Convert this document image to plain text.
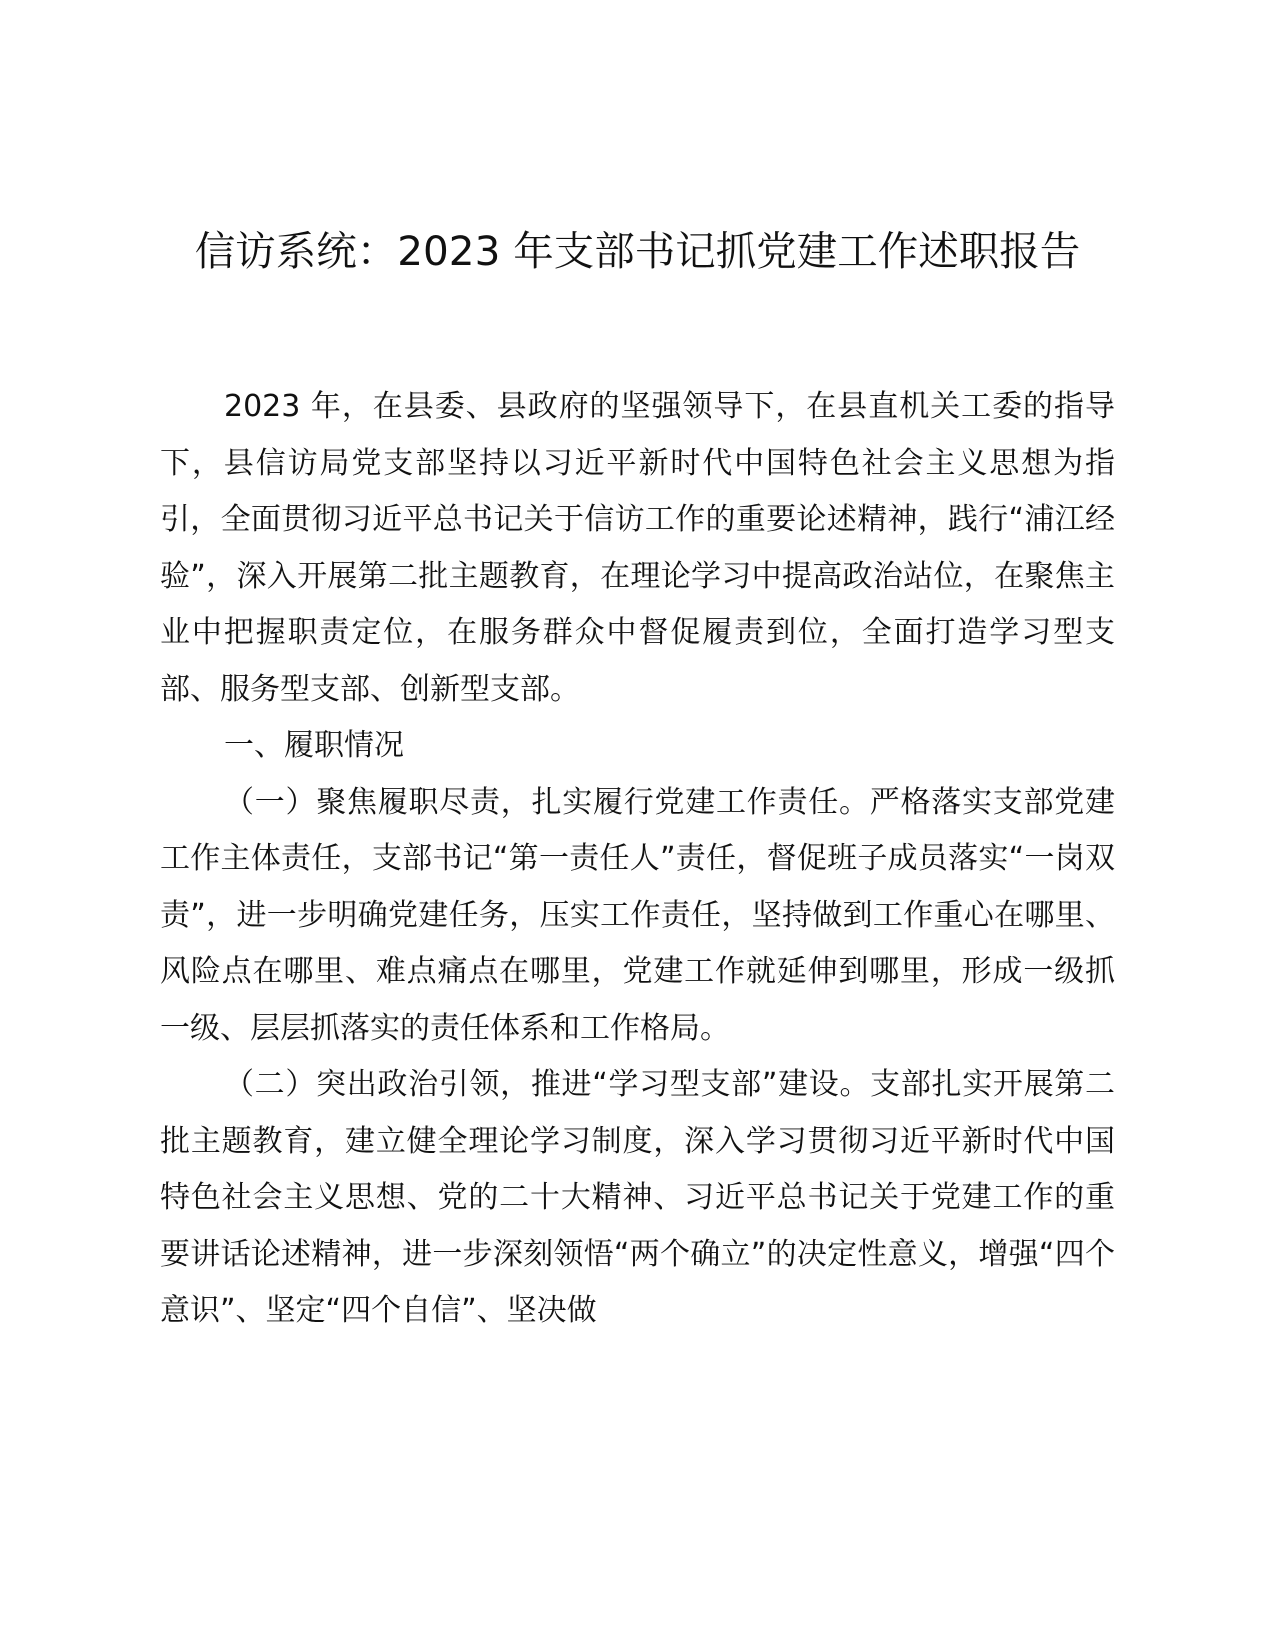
信访系统：2023 年支部书记抓党建工作述职报告

2023 年，在县委、县政府的坚强领导下，在县直机关工委的指导下，县信访局党支部坚持以习近平新时代中国特色社会主义思想为指引，全面贯彻习近平总书记关于信访工作的重要论述精神，践行“浦江经验”，深入开展第二批主题教育，在理论学习中提高政治站位，在聚焦主业中把握职责定位，在服务群众中督促履责到位，全面打造学习型支部、服务型支部、创新型支部。

一、履职情况

（一）聚焦履职尽责，扎实履行党建工作责任。严格落实支部党建工作主体责任，支部书记“第一责任人”责任，督促班子成员落实“一岗双责”，进一步明确党建任务，压实工作责任，坚持做到工作重心在哪里、风险点在哪里、难点痛点在哪里，党建工作就延伸到哪里，形成一级抓一级、层层抓落实的责任体系和工作格局。

（二）突出政治引领，推进“学习型支部”建设。支部扎实开展第二批主题教育，建立健全理论学习制度，深入学习贯彻习近平新时代中国特色社会主义思想、党的二十大精神、习近平总书记关于党建工作的重要讲话论述精神，进一步深刻领悟“两个确立”的决定性意义，增强“四个意识”、坚定“四个自信”、坚决做
